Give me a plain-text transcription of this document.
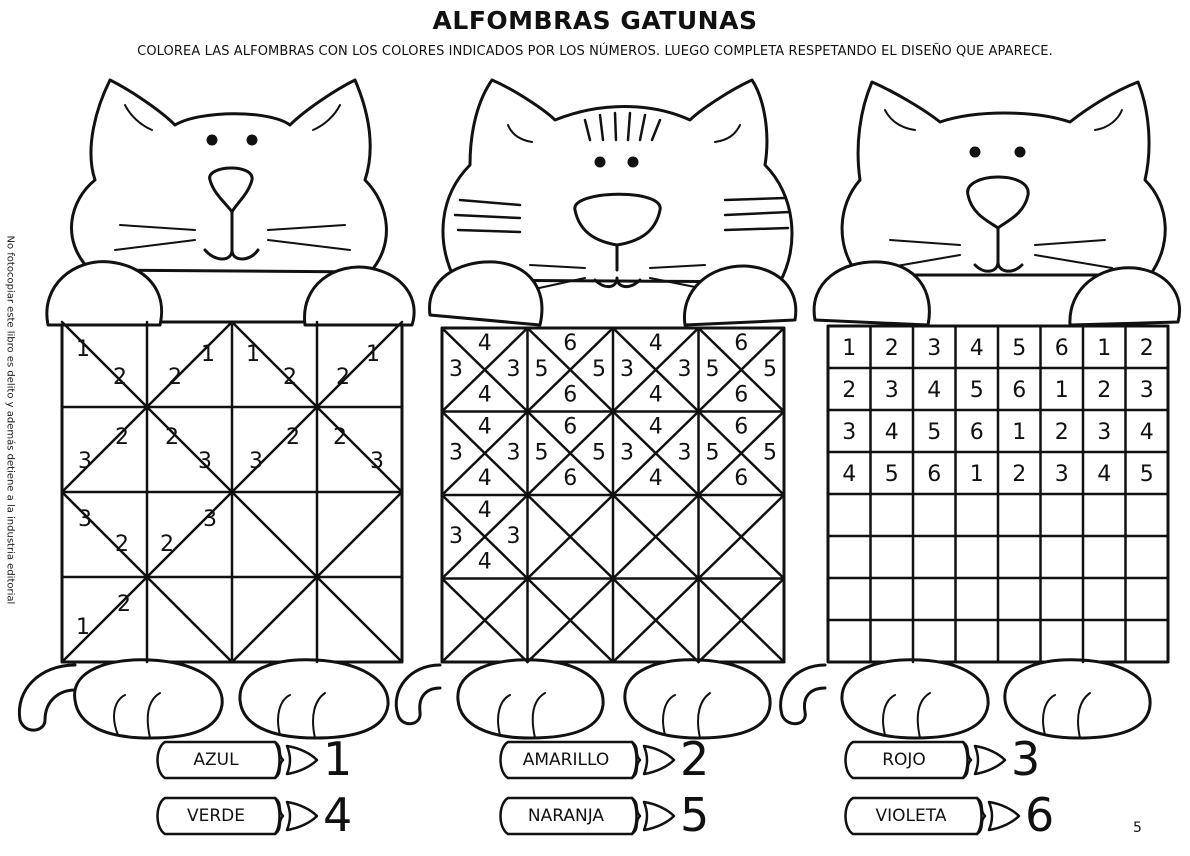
ALFOMBRAS GATUNAS
COLOREA LAS ALFOMBRAS CON LOS COLORES INDICADOS POR LOS NÚMEROS. LUEGO COMPLETA RESPETANDO EL DISEÑO QUE APARECE.
No fotocopiar este libro es delito y además detiene a la industria editorial
5
1
2 2
1 1
2 2
1
3
2 2
3 3
2 2
3
3
2 2
3
1
2
4
3 3
4
6
5 5
6
4
3 3
4
6
5 5
6
4
3 3
4
6
5 5
6
4
3 3
4
6
5 5
6
4
3 3
4
1 2 3 4 5 6 1 2
2 3 4 5 6 1 2 3
3 4 5 6 1 2 3 4
4 5 6 1 2 3 4 5
AZUL	1	AMARILLO	2	ROJO	3
VERDE	4	NARANJA	5	VIOLETA	6
